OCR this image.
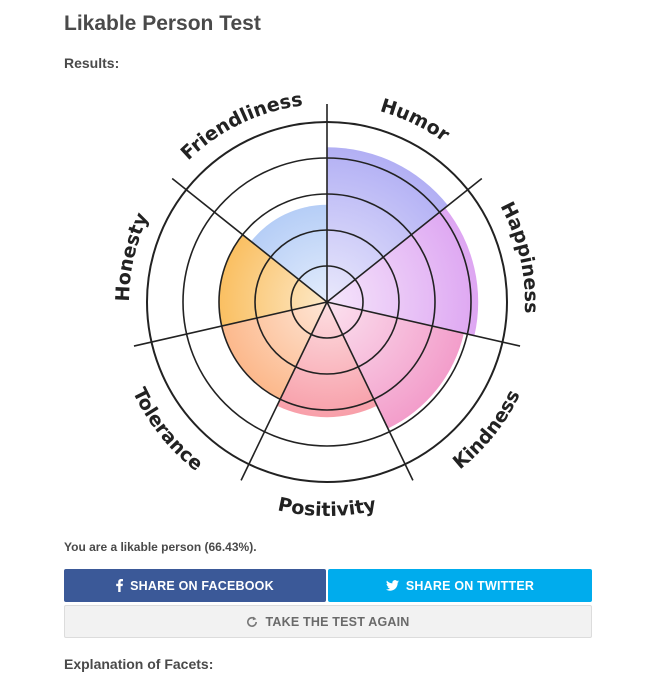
Likable Person Test
Results:
Humor
Happiness
Kindness
Positivity
Tolerance
Honesty
Friendliness
You are a likable person (66.43%).
SHARE ON FACEBOOK	SHARE ON TWITTER
TAKE THE TEST AGAIN
Explanation of Facets:
